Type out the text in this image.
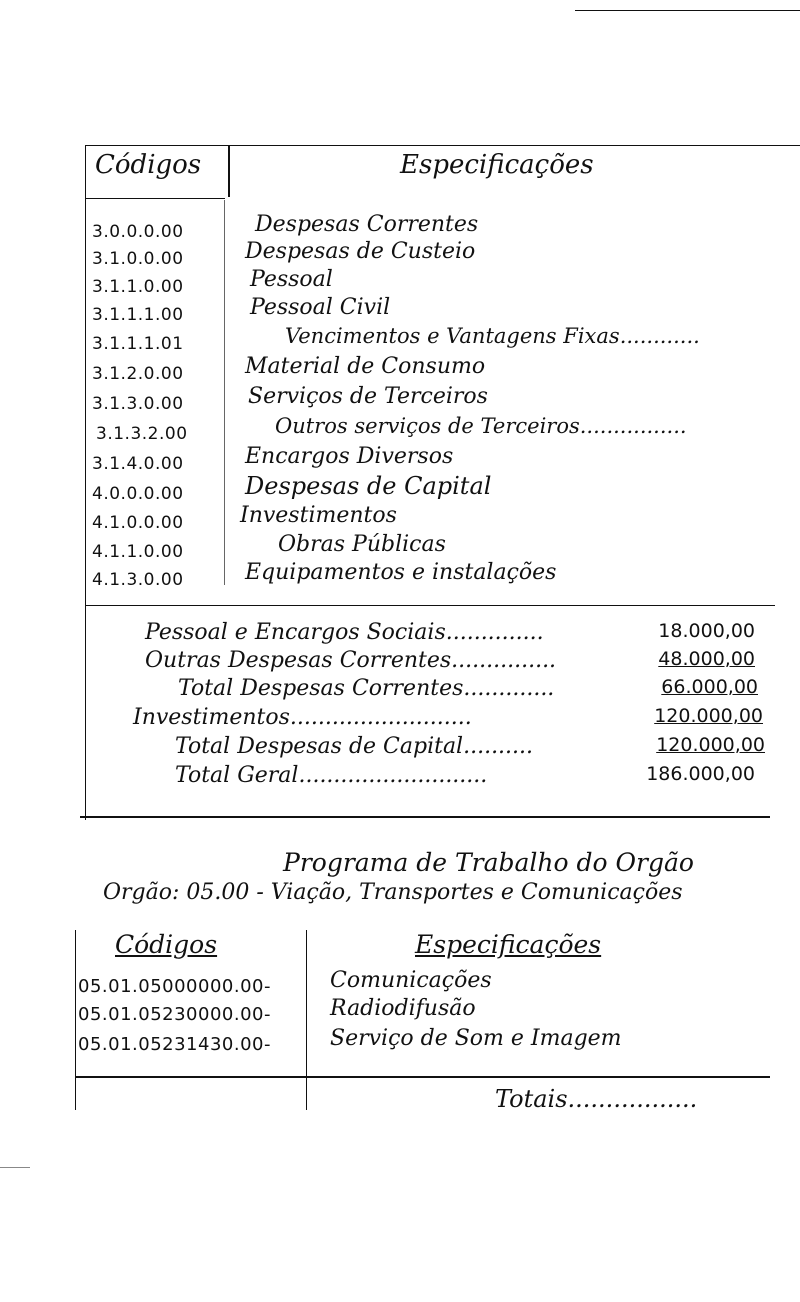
Códigos	Especificações
3.0.0.0.00	Despesas Correntes
3.1.0.0.00	Despesas de Custeio
3.1.1.0.00	Pessoal
3.1.1.1.00	Pessoal Civil
3.1.1.1.01	Vencimentos e Vantagens Fixas............
3.1.2.0.00	Material de Consumo
3.1.3.0.00	Serviços de Terceiros
3.1.3.2.00	Outros serviços de Terceiros................
3.1.4.0.00	Encargos Diversos
4.0.0.0.00	Despesas de Capital
4.1.0.0.00	Investimentos
4.1.1.0.00	Obras Públicas
4.1.3.0.00	Equipamentos e instalações
Pessoal e Encargos Sociais..............	18.000,00
Outras Despesas Correntes...............	48.000,00
Total Despesas Correntes.............	66.000,00
Investimentos..........................	120.000,00
Total Despesas de Capital..........	120.000,00
Total Geral...........................	186.000,00
Programa de Trabalho do Orgão
Orgão: 05.00 - Viação, Transportes e Comunicações
Códigos	Especificações
05.01.05000000.00-	Comunicações
05.01.05230000.00-	Radiodifusão
05.01.05231430.00-	Serviço de Som e Imagem
Totais.................
